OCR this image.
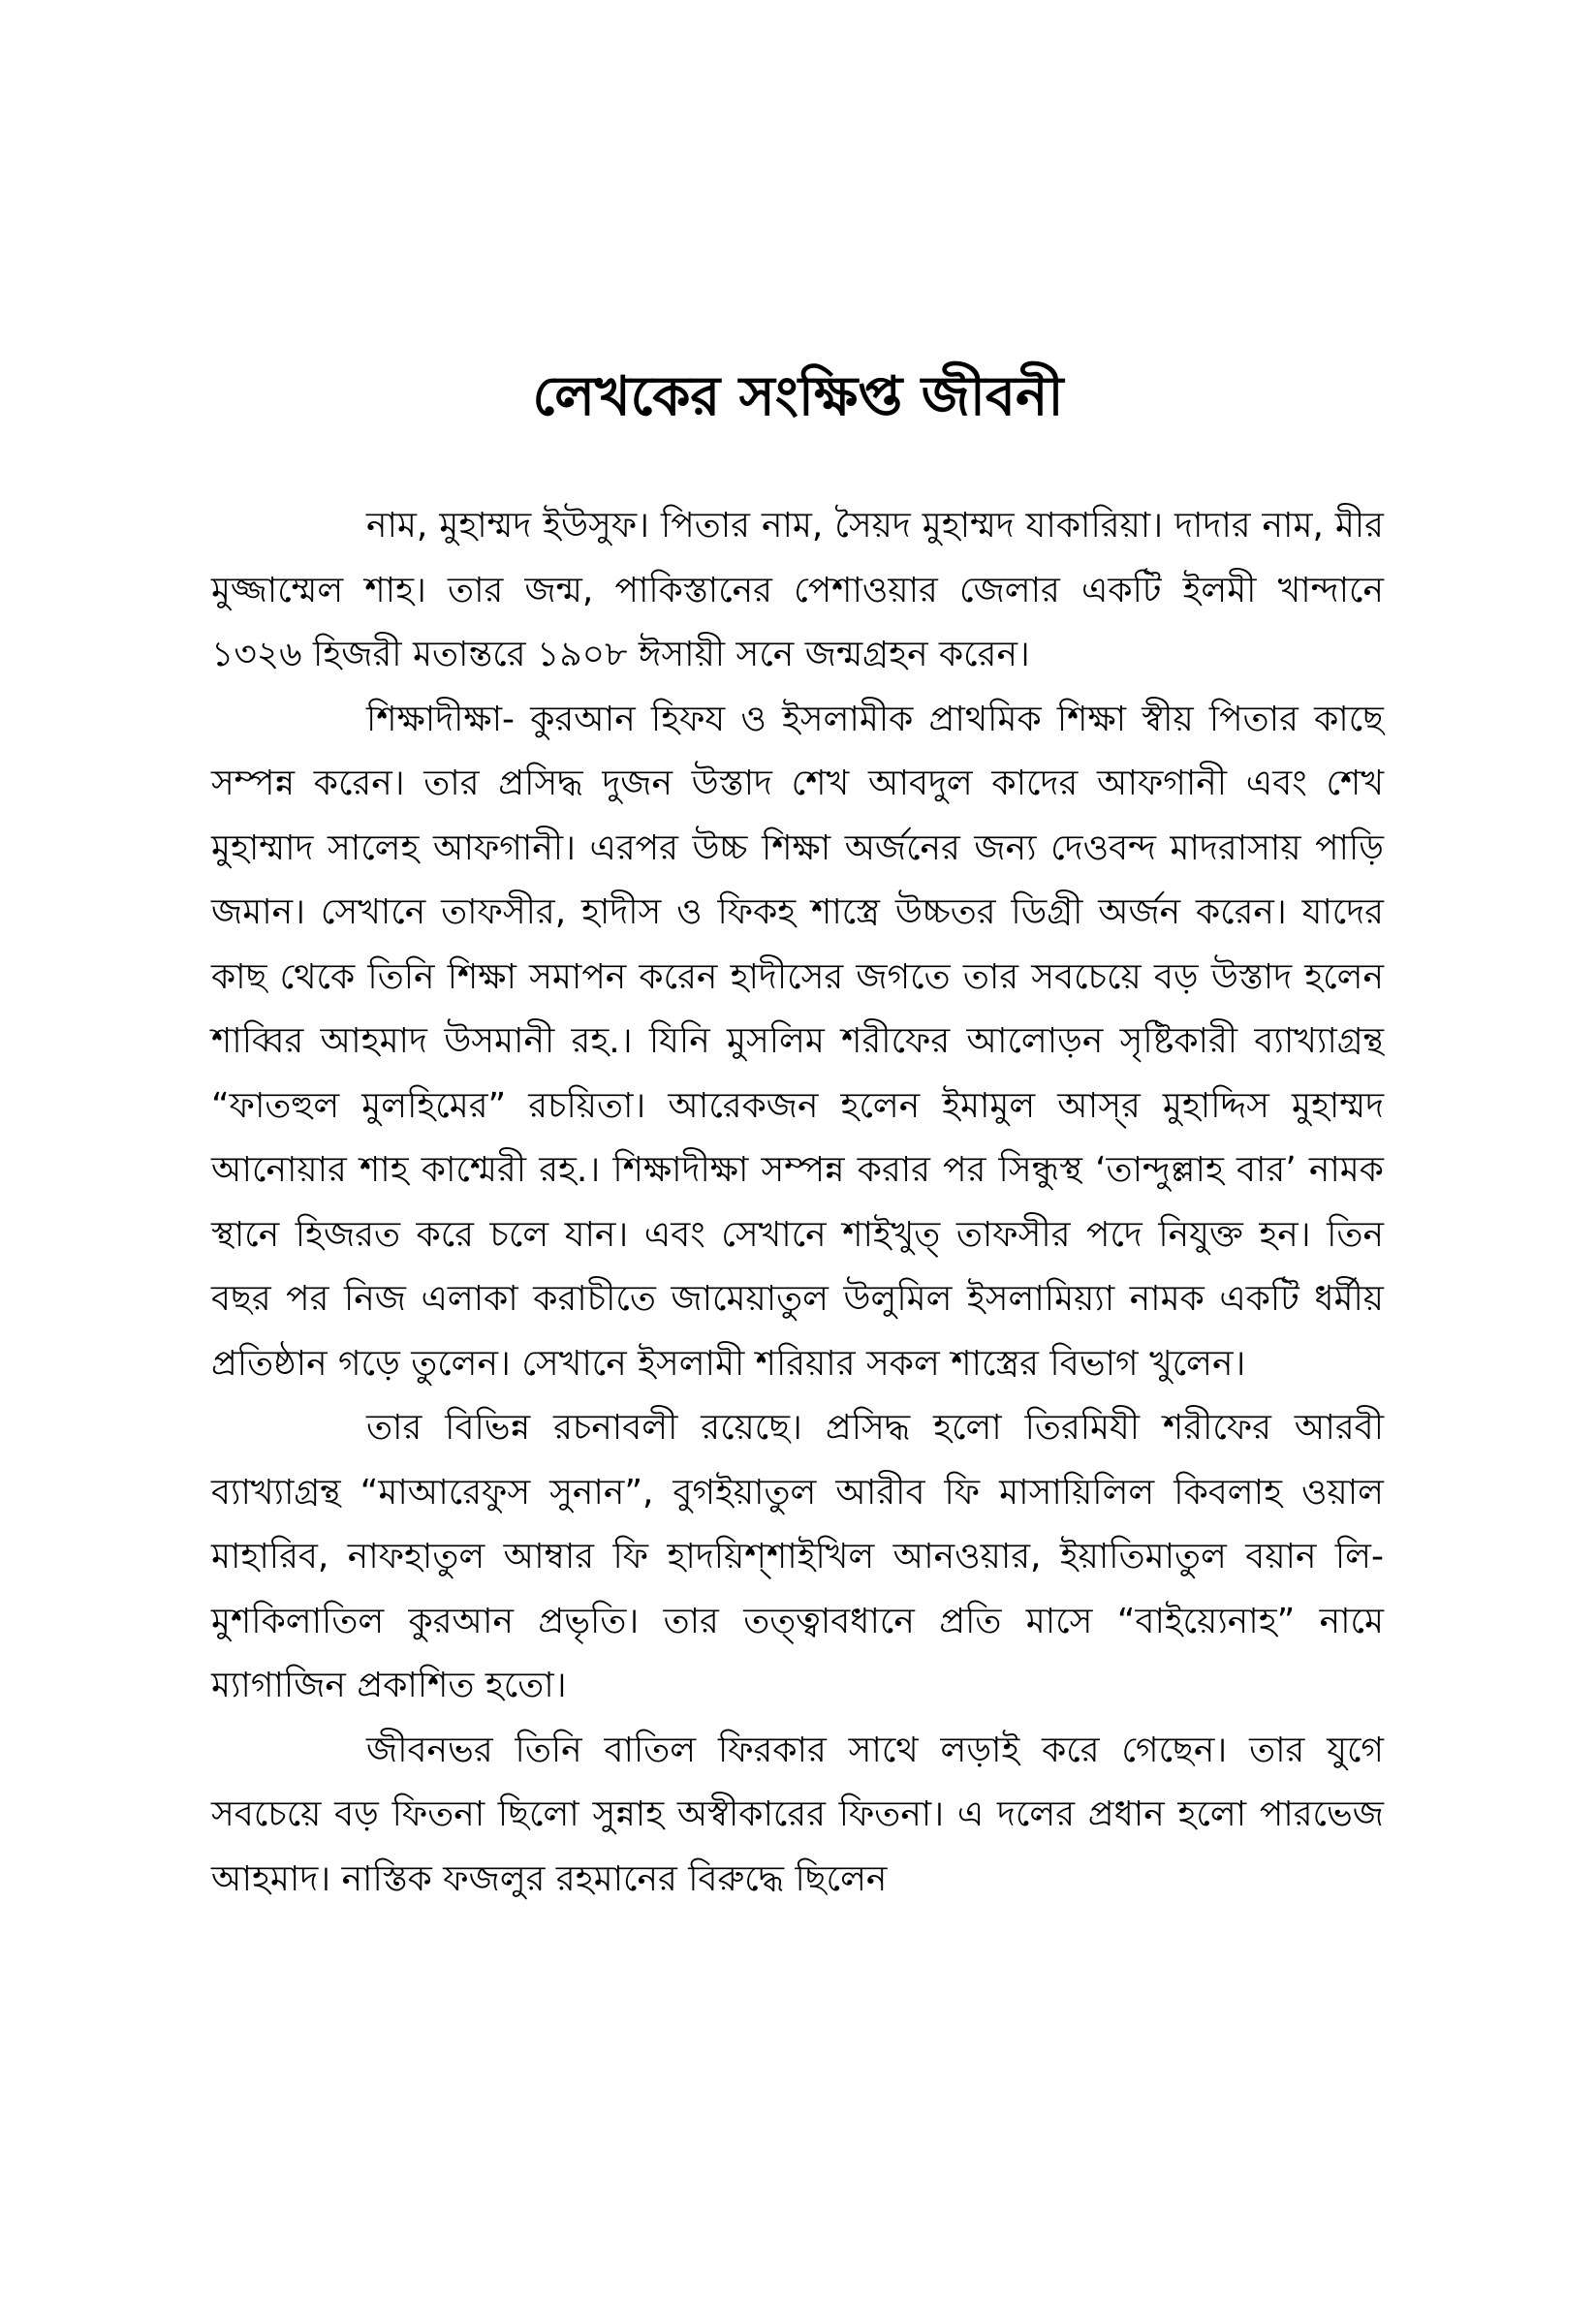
লেখকের সংক্ষিপ্ত জীবনী

নাম, মুহাম্মদ ইউসুফ। পিতার নাম, সৈয়দ মুহাম্মদ যাকারিয়া। দাদার নাম, মীর মুজ্জাম্মেল শাহ। তার জন্ম, পাকিস্তানের পেশাওয়ার জেলার একটি ইলমী খান্দানে ১৩২৬ হিজরী মতান্তরে ১৯০৮ ঈসায়ী সনে জন্মগ্রহন করেন।

শিক্ষাদীক্ষা- কুরআন হিফয ও ইসলামীক প্রাথমিক শিক্ষা স্বীয় পিতার কাছে সম্পন্ন করেন। তার প্রসিদ্ধ দুজন উস্তাদ শেখ আবদুল কাদের আফগানী এবং শেখ মুহাম্মাদ সালেহ আফগানী। এরপর উচ্চ শিক্ষা অর্জনের জন্য দেওবন্দ মাদরাসায় পাড়ি জমান। সেখানে তাফসীর, হাদীস ও ফিকহ শাস্ত্রে উচ্চতর ডিগ্রী অর্জন করেন। যাদের কাছ থেকে তিনি শিক্ষা সমাপন করেন হাদীসের জগতে তার সবচেয়ে বড় উস্তাদ হলেন শাব্বির আহমাদ উসমানী রহ.। যিনি মুসলিম শরীফের আলোড়ন সৃষ্টিকারী ব্যাখ্যাগ্রন্থ “ফাতহুল মুলহিমের” রচয়িতা। আরেকজন হলেন ইমামুল আস্‌র মুহাদ্দিস মুহাম্মদ আনোয়ার শাহ কাশ্মেরী রহ.। শিক্ষাদীক্ষা সম্পন্ন করার পর সিন্ধুস্থ ‘তান্দুল্লাহ বার’ নামক স্থানে হিজরত করে চলে যান। এবং সেখানে শাইখুত্‌ তাফসীর পদে নিযুক্ত হন। তিন বছর পর নিজ এলাকা করাচীতে জামেয়াতুল উলুমিল ইসলামিয়্যা নামক একটি ধর্মীয় প্রতিষ্ঠান গড়ে তুলেন। সেখানে ইসলামী শরিয়ার সকল শাস্ত্রের বিভাগ খুলেন।

তার বিভিন্ন রচনাবলী রয়েছে। প্রসিদ্ধ হলো তিরমিযী শরীফের আরবী ব্যাখ্যাগ্রন্থ “মাআরেফুস সুনান”, বুগইয়াতুল আরীব ফি মাসায়িলিল কিবলাহ ওয়াল মাহারিব, নাফহাতুল আম্বার ফি হাদয়িশ্‌শাইখিল আনওয়ার, ইয়াতিমাতুল বয়ান লি-মুশকিলাতিল কুরআন প্রভৃতি। তার তত্ত্বাবধানে প্রতি মাসে “বাইয়্যেনাহ” নামে ম্যাগাজিন প্রকাশিত হতো।

জীবনভর তিনি বাতিল ফিরকার সাথে লড়াই করে গেছেন। তার যুগে সবচেয়ে বড় ফিতনা ছিলো সুন্নাহ অস্বীকারের ফিতনা। এ দলের প্রধান হলো পারভেজ আহমাদ। নাস্তিক ফজলুর রহমানের বিরুদ্ধে ছিলেন
